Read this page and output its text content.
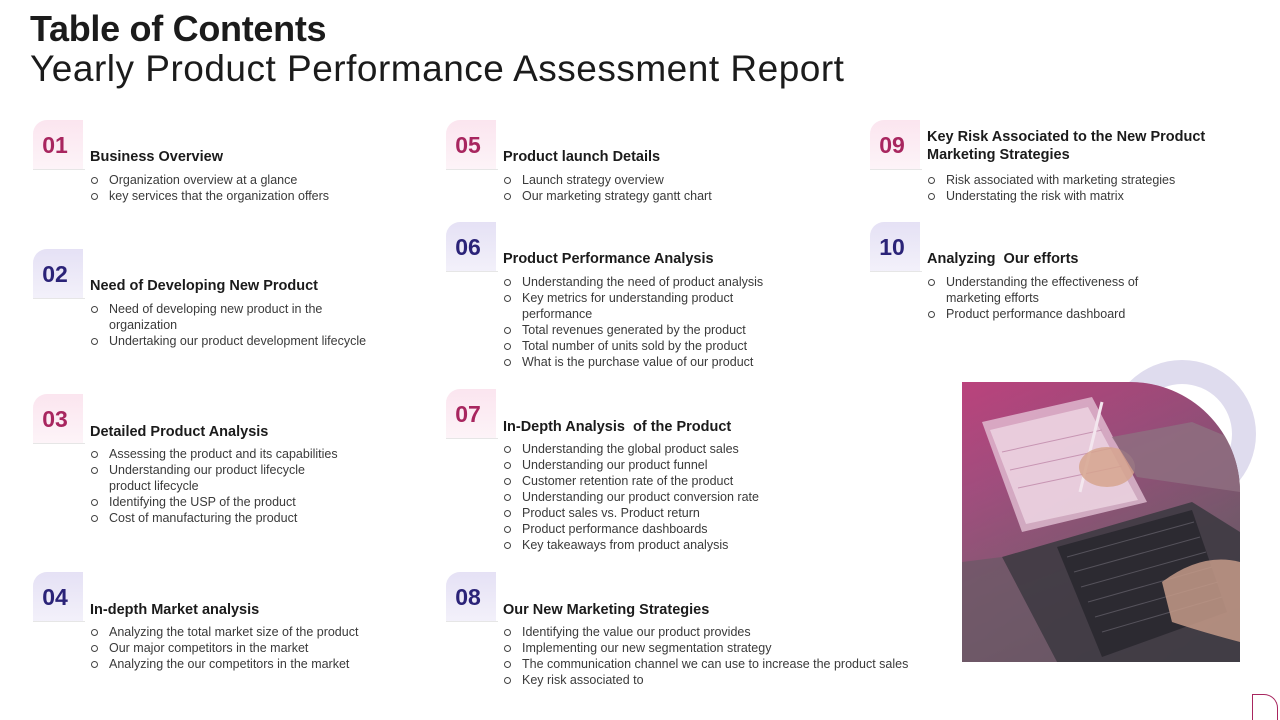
Table of Contents
Yearly Product Performance Assessment Report
01	Business Overview
Organization overview at a glance
key services that the organization offers
02	Need of Developing New Product
Need of developing new product in the organization
Undertaking our product development lifecycle
03
Detailed Product Analysis
Assessing the product and its capabilities
Understanding our product lifecycle product lifecycle
Identifying the USP of the product
Cost of manufacturing the product
04
In-depth Market analysis
Analyzing the total market size of the product
Our major competitors in the market
Analyzing the our competitors in the market
05	Product launch Details
Launch strategy overview
Our marketing strategy gantt chart
06	Product Performance Analysis
Understanding the need of product analysis
Key metrics for understanding product performance
Total revenues generated by the product
Total number of units sold by the product
What is the purchase value of our product
07
In-Depth Analysis  of the Product
Understanding the global product sales
Understanding our product funnel
Customer retention rate of the product
Understanding our product conversion rate
Product sales vs. Product return
Product performance dashboards
Key takeaways from product analysis
08
Our New Marketing Strategies
Identifying the value our product provides
Implementing our new segmentation strategy
The communication channel we can use to increase the product sales
Key risk associated to
09	Key Risk Associated to the New Product Marketing Strategies
Risk associated with marketing strategies
Understating the risk with matrix
10	Analyzing  Our efforts
Understanding the effectiveness of marketing efforts
Product performance dashboard
